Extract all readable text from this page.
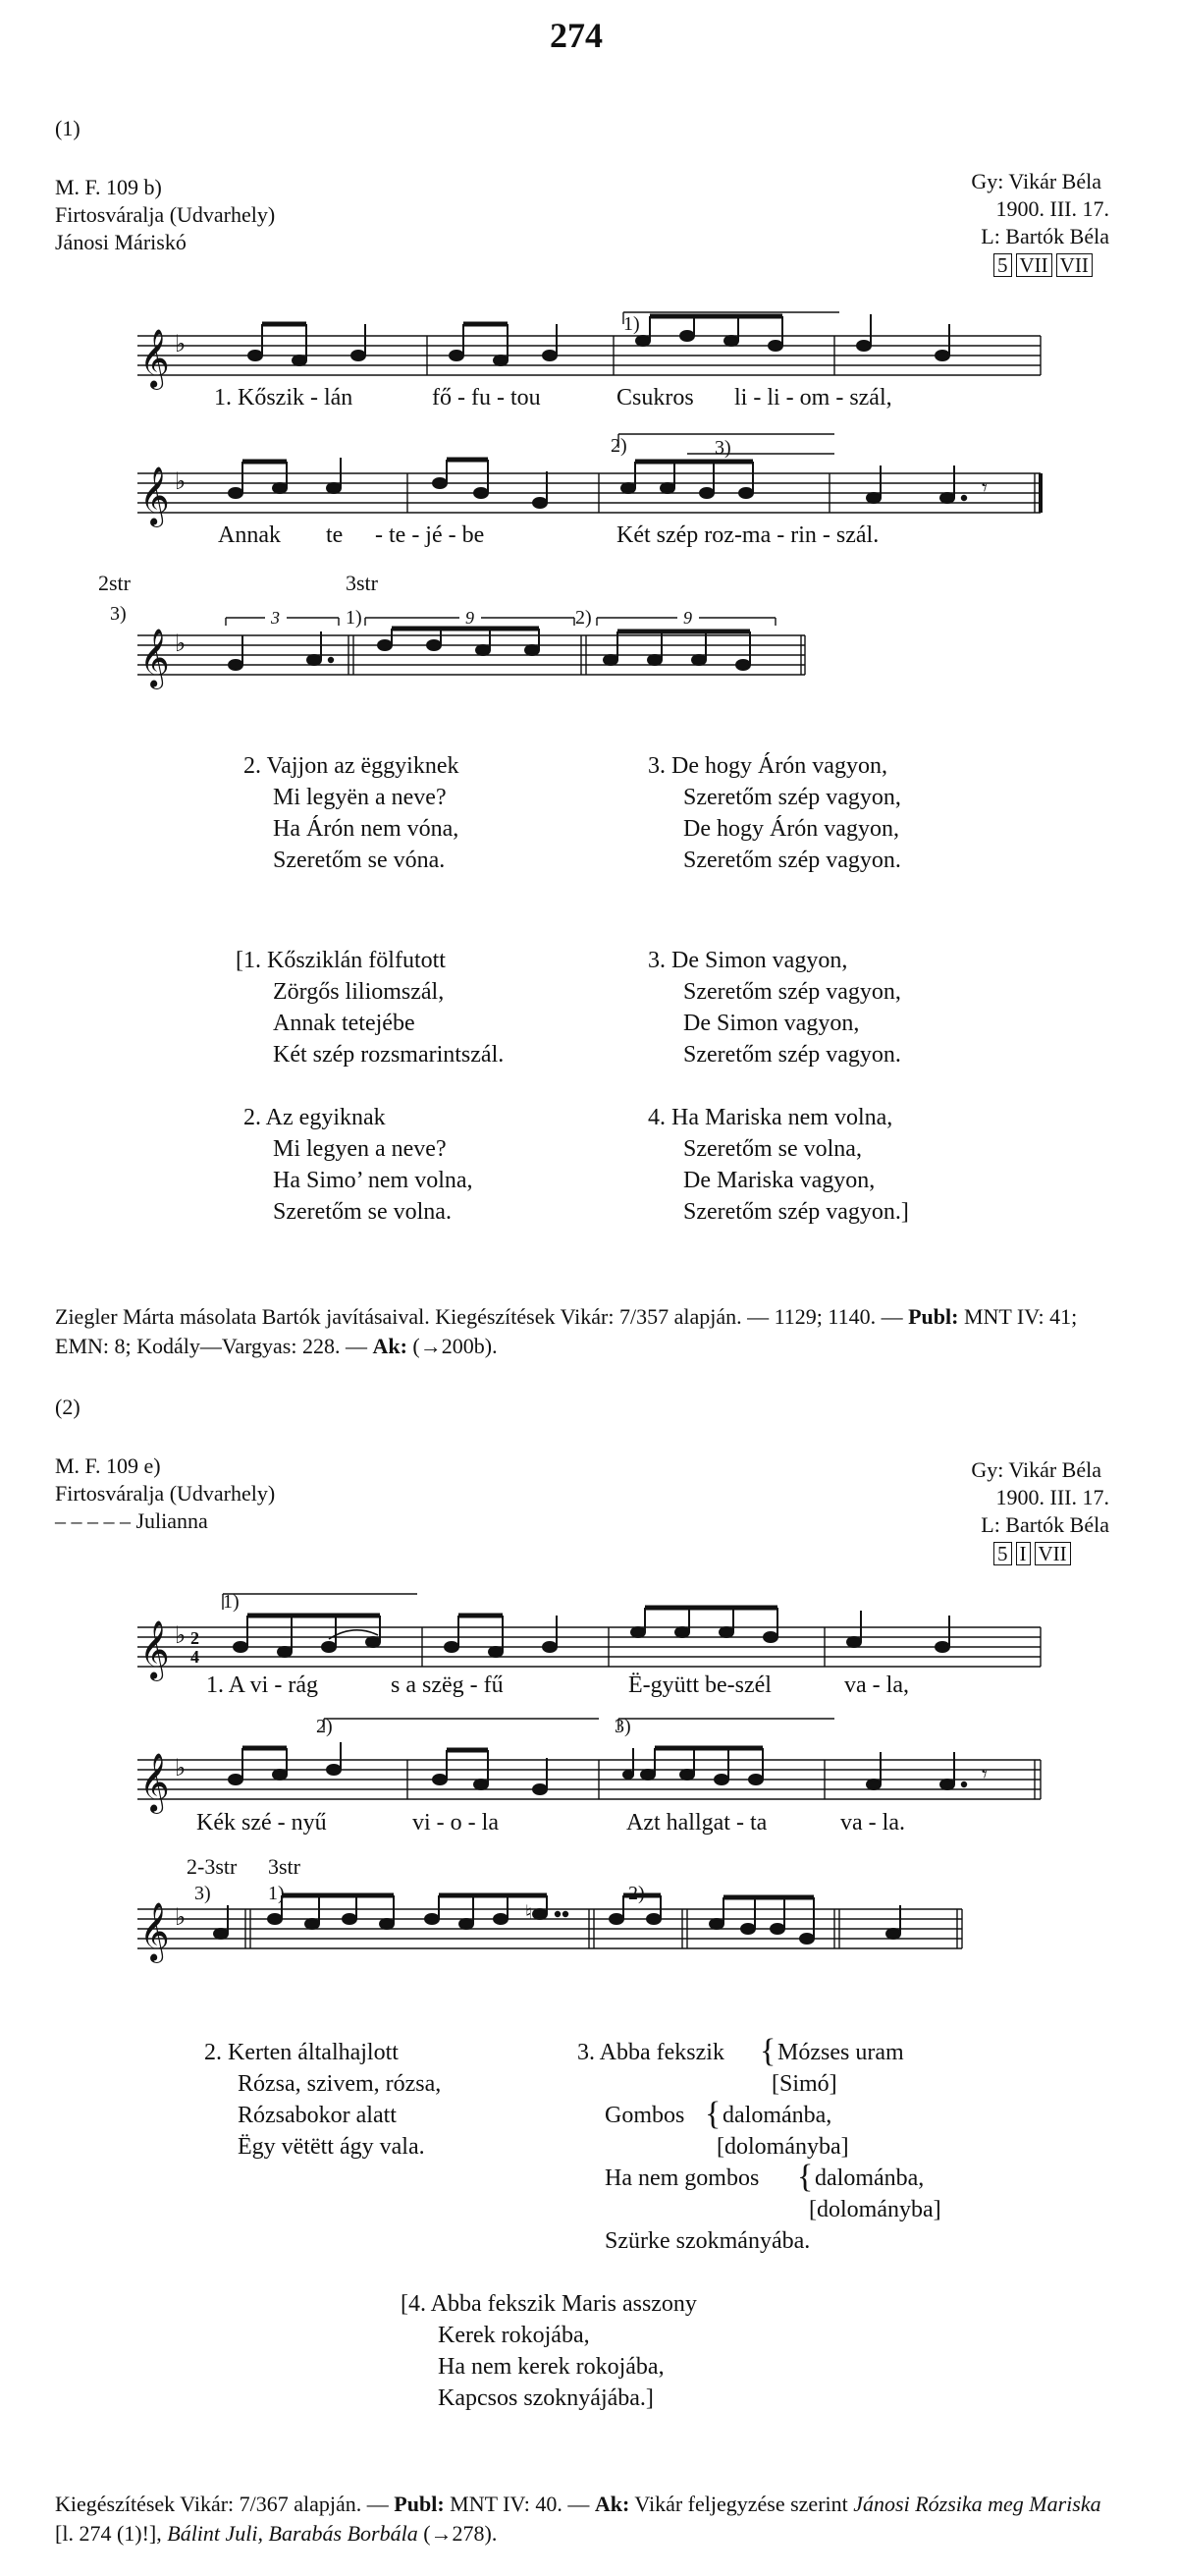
274
(1)
M. F. 109 b)
Firtosváralja (Udvarhely)
Jánosi Máriskó
Gy: Vikár Béla
1900. III. 17.
L: Bartók Béla
5 VII VII
𝄞 ♭
1)
1. Kőszik - lán	fő - fu - tou	Csukros li - li - om - szál,
𝄞 ♭	𝄾
2)	3)
Annak te - te - jé - be	Két szép roz-ma - rin - szál.
𝄞 ♭
2str	3str
3)	3	1)	9	2)	9
2. Vajjon az ëggyiknek
Mi legyën a neve?
Ha Árón nem vóna,
Szeretőm se vóna.
3. De hogy Árón vagyon,
Szeretőm szép vagyon,
De hogy Árón vagyon,
Szeretőm szép vagyon.
[1. Kősziklán fölfutott
Zörgős liliomszál,
Annak tetejébe
Két szép rozsmarintszál.
3. De Simon vagyon,
Szeretőm szép vagyon,
De Simon vagyon,
Szeretőm szép vagyon.
2. Az egyiknak
Mi legyen a neve?
Ha Simo’ nem volna,
Szeretőm se volna.
4. Ha Mariska nem volna,
Szeretőm se volna,
De Mariska vagyon,
Szeretőm szép vagyon.]
Ziegler Márta másolata Bartók javításaival. Kiegészítések Vikár: 7/357 alapján. — 1129; 1140. — Publ: MNT IV: 41; EMN: 8; Kodály—Vargyas: 228. — Ak: (→200b).
(2)
M. F. 109 e)
Firtosváralja (Udvarhely)
– – – – – Julianna
Gy: Vikár Béla
1900. III. 17.
L: Bartók Béla
5 I VII
𝄞 ♭ 2
4
1)
1. A vi - rág	s a szëg - fű	Ë-gyütt be-szél	va - la,
𝄞 ♭	𝄾
2)	3)
Kék szé - nyű	vi - o - la	Azt hallgat - ta	va - la.
𝄞 ♭	♮
2-3str 3str
3)	1)	2)
2. Kerten általhajlott
Rózsa, szivem, rózsa,
Rózsabokor alatt
Ëgy vëtëtt ágy vala.
3. Abba fekszik { Mózses uram
[Simó]
Gombos { dalománba,
[dolományba]
Ha nem gombos { dalománba,
[dolományba]
Szürke szokmányába.
[4. Abba fekszik Maris asszony
Kerek rokojába,
Ha nem kerek rokojába,
Kapcsos szoknyájába.]
Kiegészítések Vikár: 7/367 alapján. — Publ: MNT IV: 40. — Ak: Vikár feljegyzése szerint Jánosi Rózsika meg Mariska [l. 274 (1)!], Bálint Juli, Barabás Borbála (→278).
